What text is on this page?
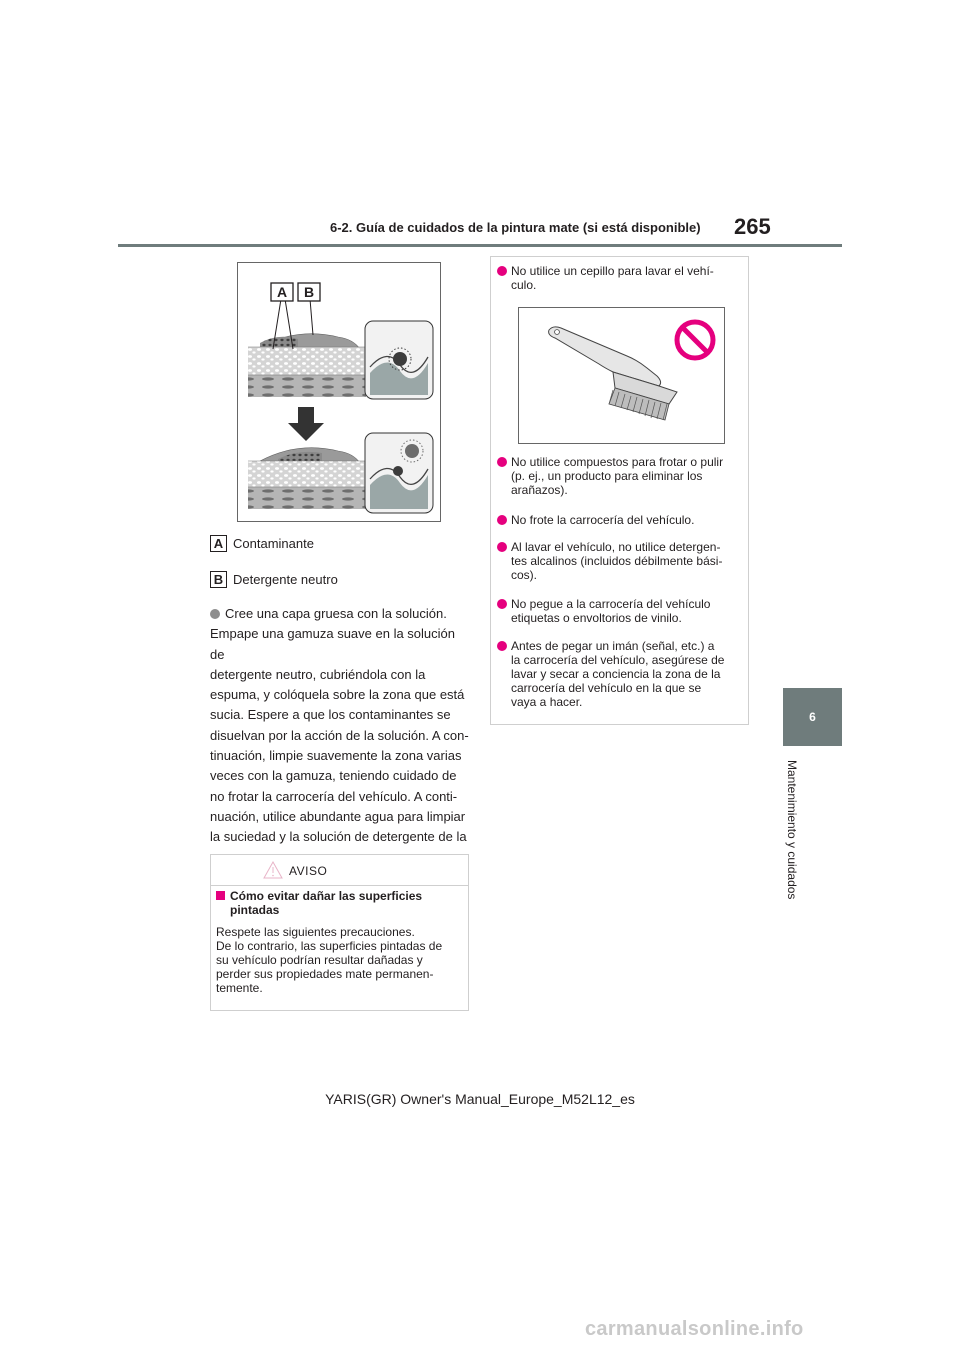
6-2. Guía de cuidados de la pintura mate (si está disponible) 265
6
Mantenimiento y cuidados
A B
A Contaminante
B Detergente neutro
Cree una capa gruesa con la solución.
Empape una gamuza suave en la solución de
detergente neutro, cubriéndola con la
espuma, y colóquela sobre la zona que está
sucia. Espere a que los contaminantes se
disuelvan por la acción de la solución. A con-
tinuación, limpie suavemente la zona varias
veces con la gamuza, teniendo cuidado de
no frotar la carrocería del vehículo. A conti-
nuación, utilice abundante agua para limpiar
la suciedad y la solución de detergente de la
AVISO
Cómo evitar dañar las superficies
pintadas
Respete las siguientes precauciones.
De lo contrario, las superficies pintadas de
su vehículo podrían resultar dañadas y
perder sus propiedades mate permanen-
temente.
No utilice un cepillo para lavar el vehí-
culo.
No utilice compuestos para frotar o pulir
(p. ej., un producto para eliminar los
arañazos).
No frote la carrocería del vehículo.
Al lavar el vehículo, no utilice detergen-
tes alcalinos (incluidos débilmente bási-
cos).
No pegue a la carrocería del vehículo
etiquetas o envoltorios de vinilo.
Antes de pegar un imán (señal, etc.) a
la carrocería del vehículo, asegúrese de
lavar y secar a conciencia la zona de la
carrocería del vehículo en la que se
vaya a hacer.
YARIS(GR) Owner's Manual_Europe_M52L12_es
carmanualsonline.info
